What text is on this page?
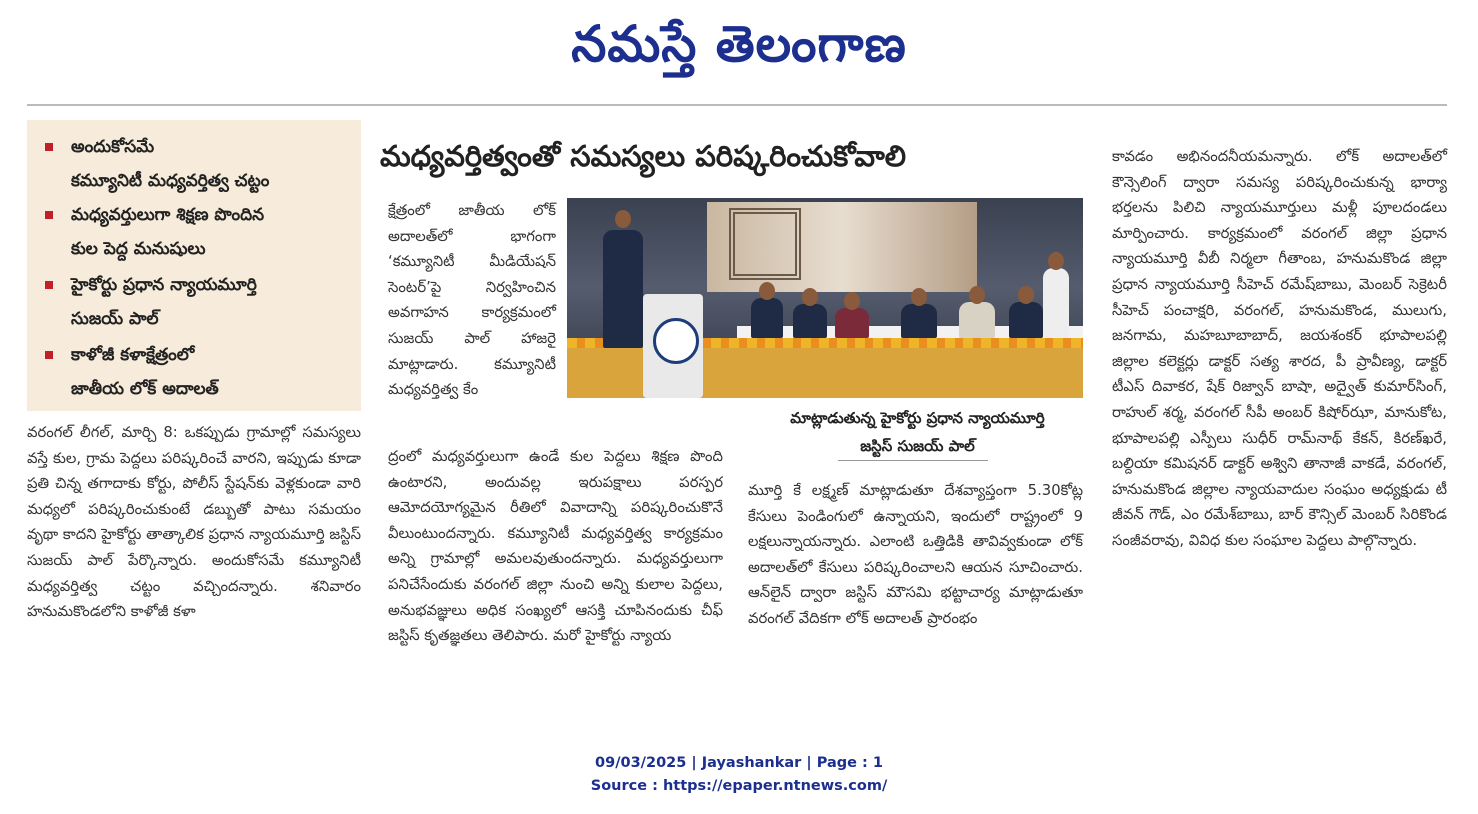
నమస్తే తెలంగాణ
అందుకోసమే
కమ్యూనిటీ మధ్యవర్తిత్వ చట్టం
మధ్యవర్తులుగా శిక్షణ పొందిన
కుల పెద్ద మనుషులు
హైకోర్టు ప్రధాన న్యాయమూర్తి
సుజయ్ పాల్
కాళోజీ కళాక్షేత్రంలో
జాతీయ లోక్ అదాలత్
మధ్యవర్తిత్వంతో సమస్యలు పరిష్కరించుకోవాలి

వరంగల్ లీగల్, మార్చి 8: ఒకప్పుడు గ్రామాల్లో సమస్యలు వస్తే కుల, గ్రామ పెద్దలు పరిష్కరించే వారని, ఇప్పుడు కూడా ప్రతి చిన్న తగాదాకు కోర్టు, పోలీస్ స్టేషన్‌కు వెళ్లకుండా వారి మధ్యలో పరిష్కరించుకుంటే డబ్బుతో పాటు సమయం వృథా కాదని హైకోర్టు తాత్కాలిక ప్రధాన న్యాయమూర్తి జస్టిస్ సుజయ్ పాల్ పేర్కొన్నారు. అందుకోసమే కమ్యూనిటీ మధ్యవర్తిత్వ చట్టం వచ్చిందన్నారు. శనివారం హనుమకొండలోని కాళోజీ కళా

క్షేత్రంలో జాతీయ లోక్ అదాలత్‌లో భాగంగా ‘కమ్యూనిటీ మీడియేషన్ సెంటర్’పై నిర్వహించిన అవగాహన కార్యక్రమంలో సుజయ్ పాల్ హాజరై మాట్లాడారు. కమ్యూనిటీ మధ్యవర్తిత్వ కేం

ద్రంలో మధ్యవర్తులుగా ఉండే కుల పెద్దలు శిక్షణ పొంది ఉంటారని, అందువల్ల ఇరుపక్షాలు పరస్పర ఆమోదయోగ్యమైన రీతిలో వివాదాన్ని పరిష్కరించుకొనే వీలుంటుందన్నారు. కమ్యూనిటీ మధ్యవర్తిత్వ కార్యక్రమం అన్ని గ్రామాల్లో అమలవుతుందన్నారు. మధ్యవర్తులుగా పనిచేసేందుకు వరంగల్ జిల్లా నుంచి అన్ని కులాల పెద్దలు, అనుభవజ్ఞులు అధిక సంఖ్యలో ఆసక్తి చూపినందుకు చీఫ్ జస్టిస్ కృతజ్ఞతలు తెలిపారు. మరో హైకోర్టు న్యాయ

మూర్తి కే లక్ష్మణ్ మాట్లాడుతూ దేశవ్యాప్తంగా 5.30కోట్ల కేసులు పెండింగులో ఉన్నాయని, ఇందులో రాష్ట్రంలో 9 లక్షలున్నాయన్నారు. ఎలాంటి ఒత్తిడికి తావివ్వకుండా లోక్ అదాలత్‌లో కేసులు పరిష్కరించాలని ఆయన సూచించారు. ఆన్‌లైన్ ద్వారా జస్టిస్ మౌసమి భట్టాచార్య మాట్లాడుతూ వరంగల్ వేదికగా లోక్ అదాలత్ ప్రారంభం

కావడం అభినందనీయమన్నారు. లోక్ అదాలత్‌లో కౌన్సెలింగ్ ద్వారా సమస్య పరిష్కరించుకున్న భార్యా భర్తలను పిలిచి న్యాయమూర్తులు మళ్లీ పూలదండలు మార్పించారు. కార్యక్రమంలో వరంగల్ జిల్లా ప్రధాన న్యాయమూర్తి వీబీ నిర్మలా గీతాంబ, హనుమకొండ జిల్లా ప్రధాన న్యాయమూర్తి సీహెచ్ రమేష్‌బాబు, మెంబర్ సెక్రెటరీ సీహెచ్ పంచాక్షరి, వరంగల్, హనుమకొండ, ములుగు, జనగామ, మహబూబాబాద్, జయశంకర్ భూపాలపల్లి జిల్లాల కలెక్టర్లు డాక్టర్ సత్య శారద, పీ ప్రావీణ్య, డాక్టర్ టీఎస్ దివాకర, షేక్ రిజ్వాన్ బాషా, అద్వైత్ కుమార్‌సింగ్, రాహుల్ శర్మ, వరంగల్ సీపీ అంబర్ కిషోర్‌ఝా, మానుకోట, భూపాలపల్లి ఎస్పీలు సుధీర్ రామ్‌నాథ్ కేకన్, కిరణ్‌ఖరే, బల్దియా కమిషనర్ డాక్టర్ అశ్విని తానాజీ వాకడే, వరంగల్, హనుమకొండ జిల్లాల న్యాయవాదుల సంఘం అధ్యక్షుడు టీ జీవన్ గౌడ్, ఎం రమేశ్‌బాబు, బార్ కౌన్సిల్ మెంబర్ సిరికొండ సంజీవరావు, వివిధ కుల సంఘాల పెద్దలు పాల్గొన్నారు.

మాట్లాడుతున్న హైకోర్టు ప్రధాన న్యాయమూర్తి
జస్టిస్ సుజయ్ పాల్
09/03/2025 | Jayashankar | Page : 1
Source : https://epaper.ntnews.com/
